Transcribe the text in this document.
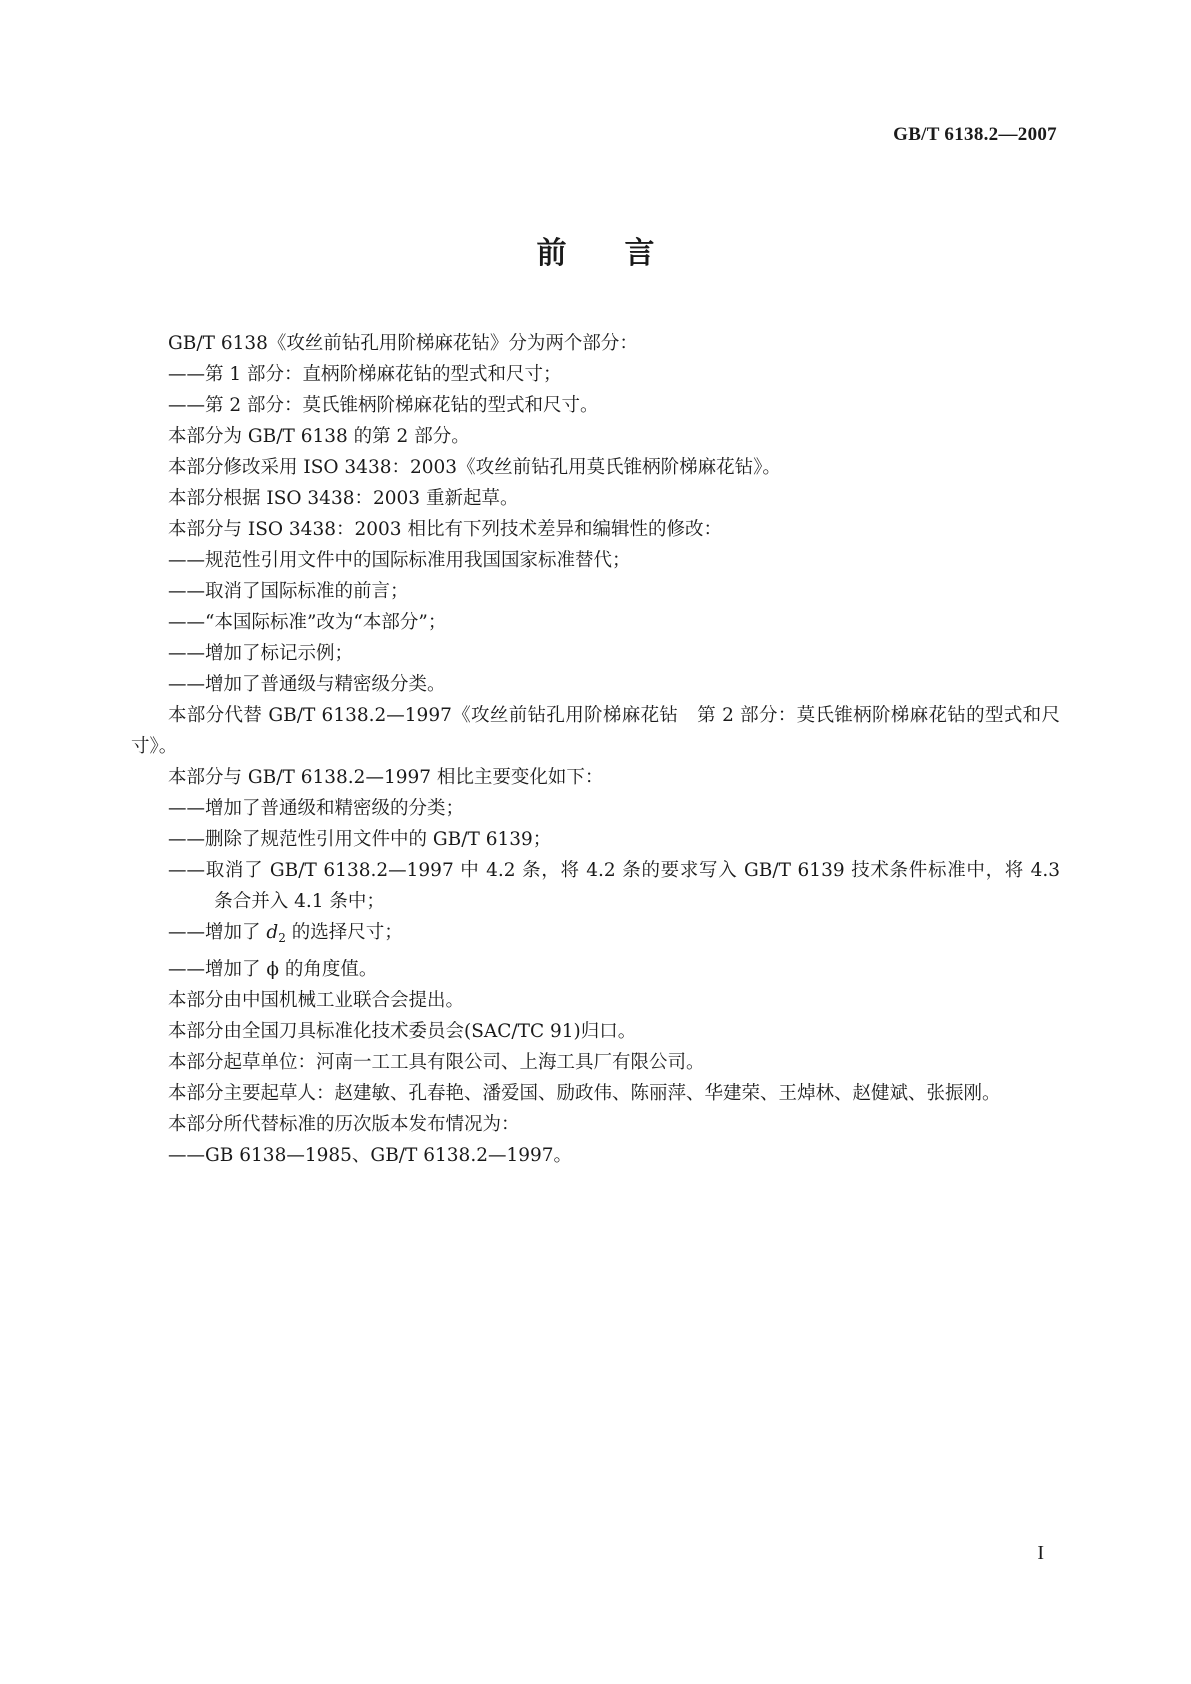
GB/T 6138.2—2007
前 言

GB/T 6138《攻丝前钻孔用阶梯麻花钻》分为两个部分：

——第 1 部分：直柄阶梯麻花钻的型式和尺寸；

——第 2 部分：莫氏锥柄阶梯麻花钻的型式和尺寸。

本部分为 GB/T 6138 的第 2 部分。

本部分修改采用 ISO 3438：2003《攻丝前钻孔用莫氏锥柄阶梯麻花钻》。

本部分根据 ISO 3438：2003 重新起草。

本部分与 ISO 3438：2003 相比有下列技术差异和编辑性的修改：

——规范性引用文件中的国际标准用我国国家标准替代；

——取消了国际标准的前言；

——“本国际标准”改为“本部分”；

——增加了标记示例；

——增加了普通级与精密级分类。

本部分代替 GB/T 6138.2—1997《攻丝前钻孔用阶梯麻花钻　第 2 部分：莫氏锥柄阶梯麻花钻的型式和尺寸》。

本部分与 GB/T 6138.2—1997 相比主要变化如下：

——增加了普通级和精密级的分类；

——删除了规范性引用文件中的 GB/T 6139；

——取消了 GB/T 6138.2—1997 中 4.2 条，将 4.2 条的要求写入 GB/T 6139 技术条件标准中，将 4.3 条合并入 4.1 条中；

——增加了 $d_2$ 的选择尺寸；

——增加了 ϕ 的角度值。

本部分由中国机械工业联合会提出。

本部分由全国刀具标准化技术委员会(SAC/TC 91)归口。

本部分起草单位：河南一工工具有限公司、上海工具厂有限公司。

本部分主要起草人：赵建敏、孔春艳、潘爱国、励政伟、陈丽萍、华建荣、王焯林、赵健斌、张振刚。

本部分所代替标准的历次版本发布情况为：

——GB 6138—1985、GB/T 6138.2—1997。

I
